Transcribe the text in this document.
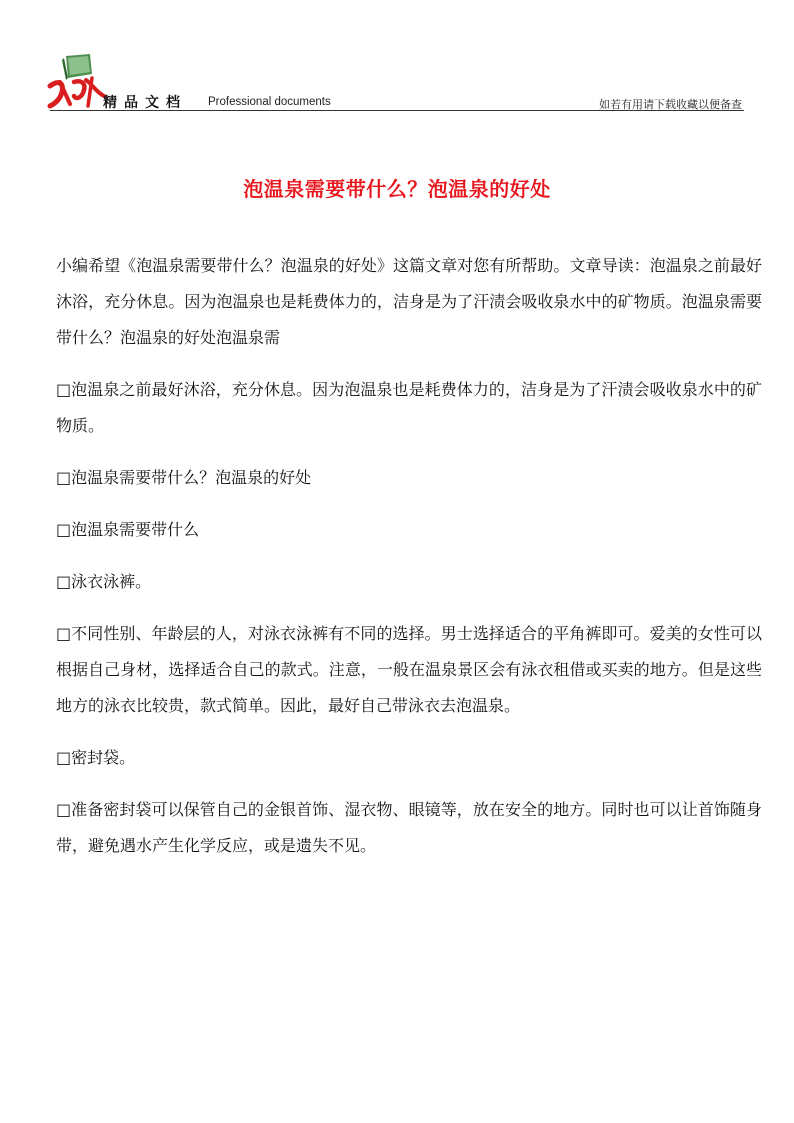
精品文档 Professional documents	如若有用请下载收藏以便备查
泡温泉需要带什么？泡温泉的好处

小编希望《泡温泉需要带什么？泡温泉的好处》这篇文章对您有所帮助。文章导读：泡温泉之前最好沐浴，充分休息。因为泡温泉也是耗费体力的，洁身是为了汗渍会吸收泉水中的矿物质。泡温泉需要带什么？泡温泉的好处泡温泉需

□泡温泉之前最好沐浴，充分休息。因为泡温泉也是耗费体力的，洁身是为了汗渍会吸收泉水中的矿物质。

□泡温泉需要带什么？泡温泉的好处

□泡温泉需要带什么

□泳衣泳裤。

□不同性别、年龄层的人，对泳衣泳裤有不同的选择。男士选择适合的平角裤即可。爱美的女性可以根据自己身材，选择适合自己的款式。注意，一般在温泉景区会有泳衣租借或买卖的地方。但是这些地方的泳衣比较贵，款式简单。因此，最好自己带泳衣去泡温泉。

□密封袋。

□准备密封袋可以保管自己的金银首饰、湿衣物、眼镜等，放在安全的地方。同时也可以让首饰随身带，避免遇水产生化学反应，或是遗失不见。
